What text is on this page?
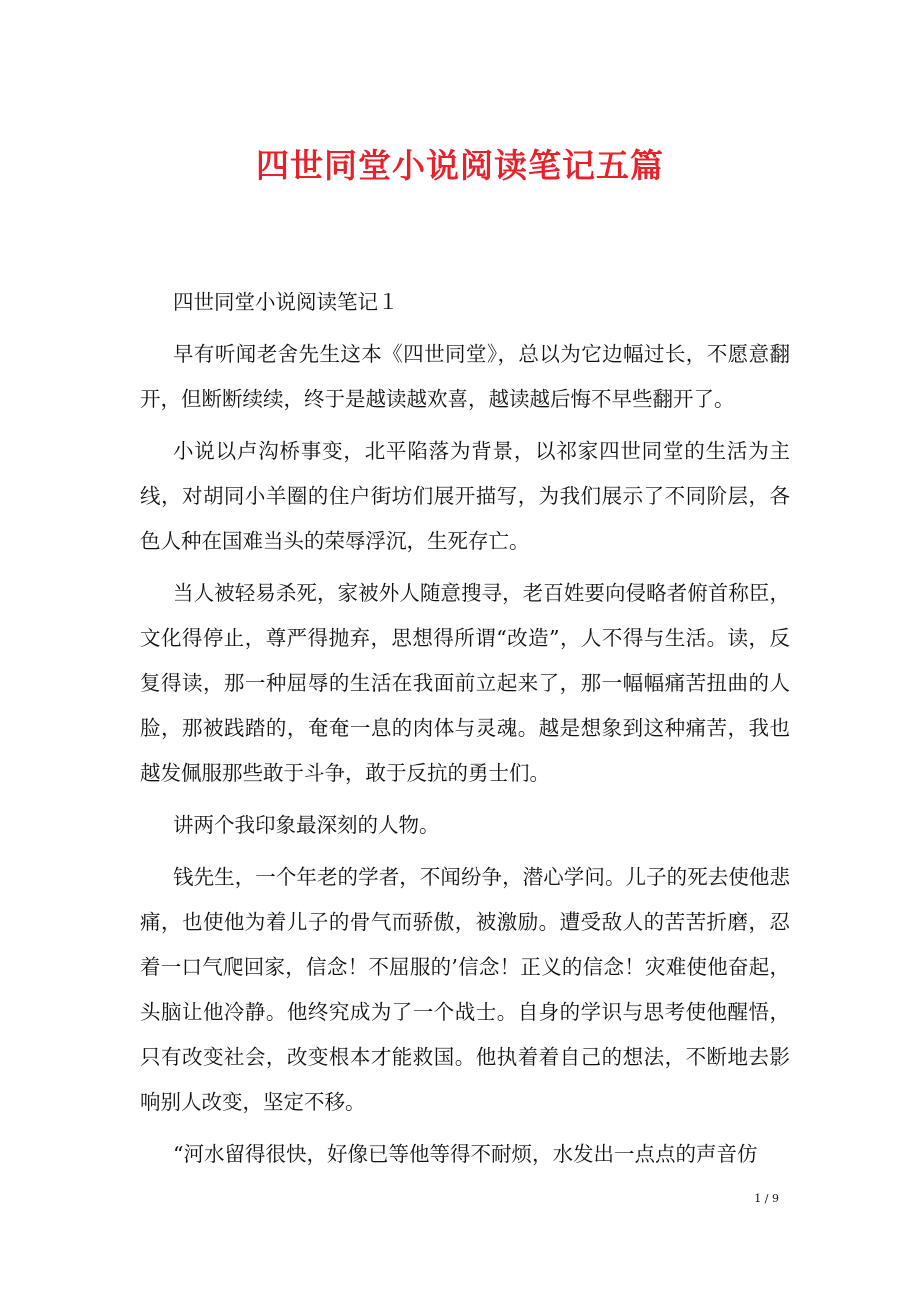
四世同堂小说阅读笔记五篇

四世同堂小说阅读笔记１

早有听闻老舍先生这本《四世同堂》，总以为它边幅过长，不愿意翻开，但断断续续，终于是越读越欢喜，越读越后悔不早些翻开了。

小说以卢沟桥事变，北平陷落为背景，以祁家四世同堂的生活为主线，对胡同小羊圈的住户街坊们展开描写，为我们展示了不同阶层，各色人种在国难当头的荣辱浮沉，生死存亡。

当人被轻易杀死，家被外人随意搜寻，老百姓要向侵略者俯首称臣，文化得停止，尊严得抛弃，思想得所谓“改造”，人不得与生活。读，反复得读，那一种屈辱的生活在我面前立起来了，那一幅幅痛苦扭曲的人脸，那被践踏的，奄奄一息的肉体与灵魂。越是想象到这种痛苦，我也越发佩服那些敢于斗争，敢于反抗的勇士们。

讲两个我印象最深刻的人物。

钱先生，一个年老的学者，不闻纷争，潜心学问。儿子的死去使他悲痛，也使他为着儿子的骨气而骄傲，被激励。遭受敌人的苦苦折磨，忍着一口气爬回家，信念！不屈服的’信念！正义的信念！灾难使他奋起，头脑让他冷静。他终究成为了一个战士。自身的学识与思考使他醒悟，只有改变社会，改变根本才能救国。他执着着自己的想法，不断地去影响别人改变，坚定不移。

“河水留得很快，好像已等他等得不耐烦，水发出一点点的声音仿

1 / 9
